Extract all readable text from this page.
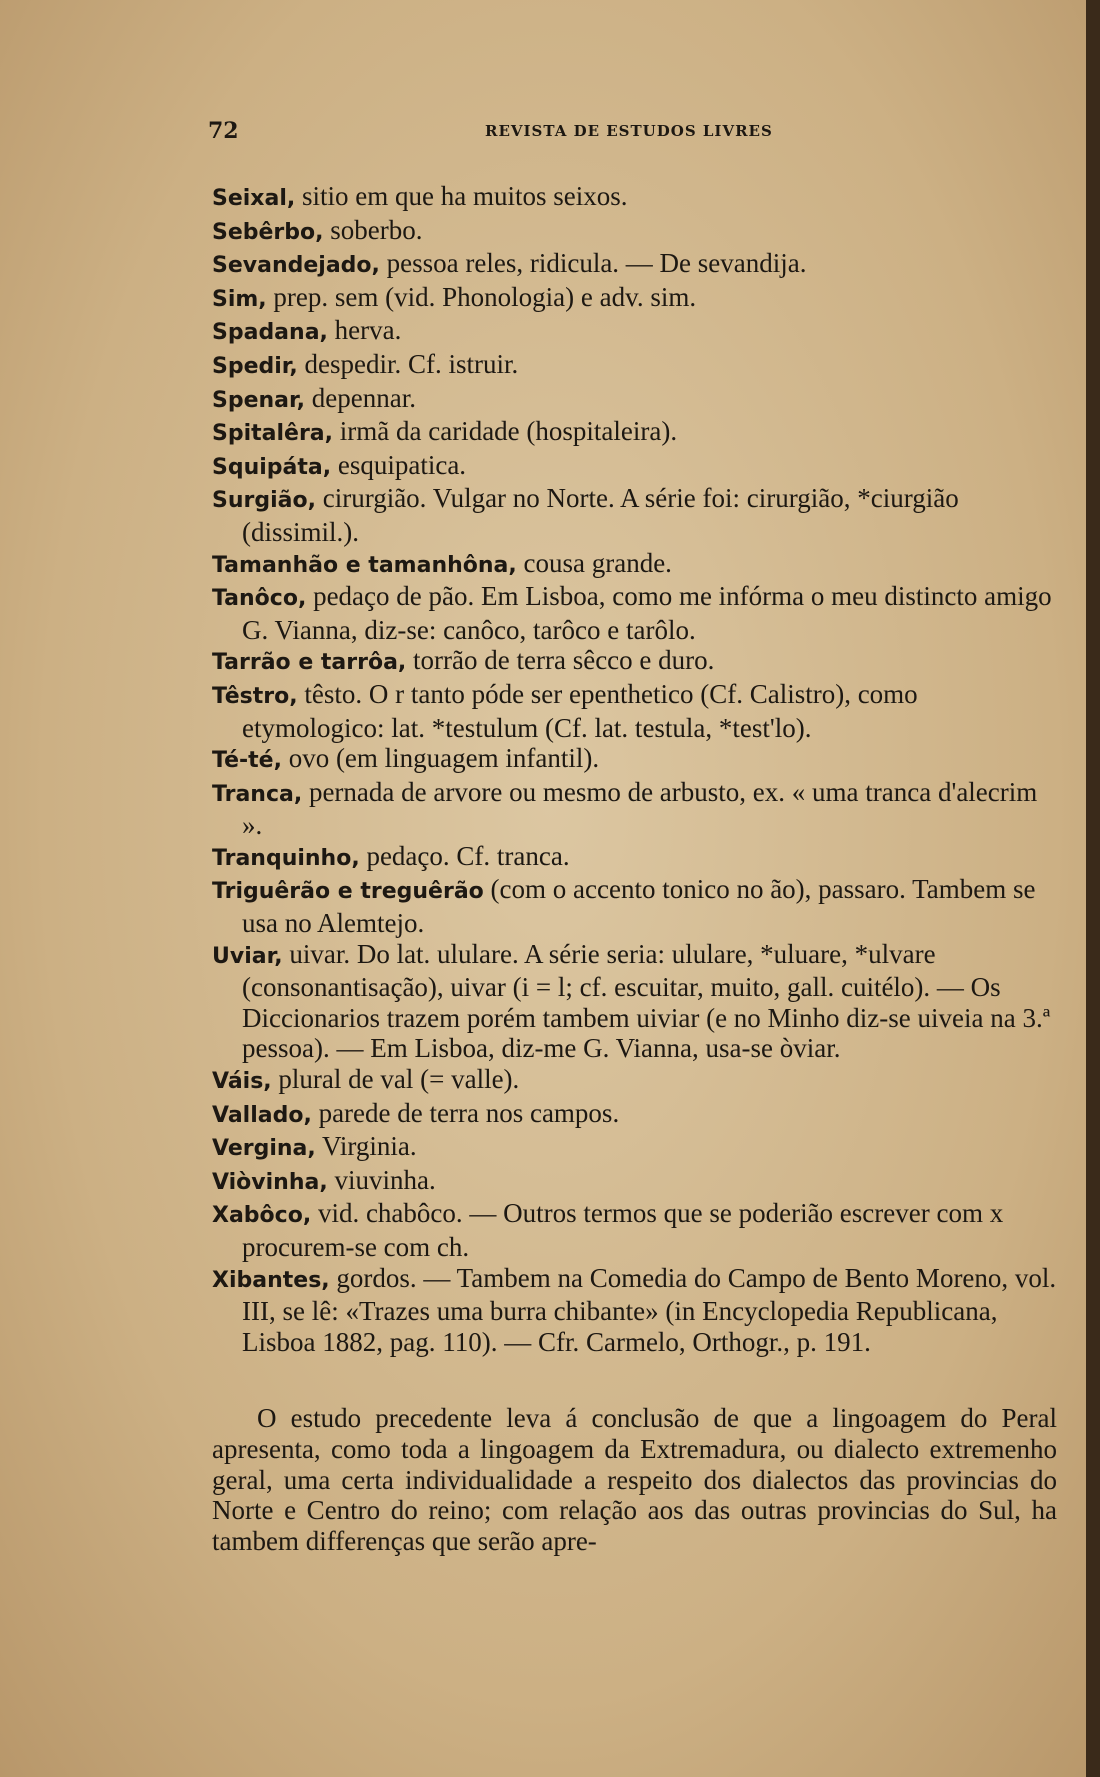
72	REVISTA DE ESTUDOS LIVRES

Seixal, sitio em que ha muitos seixos.

Sebêrbo, soberbo.

Sevandejado, pessoa reles, ridicula. — De sevandija.

Sim, prep. sem (vid. Phonologia) e adv. sim.

Spadana, herva.

Spedir, despedir. Cf. istruir.

Spenar, depennar.

Spitalêra, irmã da caridade (hospitaleira).

Squipáta, esquipatica.

Surgião, cirurgião. Vulgar no Norte. A série foi: cirurgião, *ciurgião (dissimil.).

Tamanhão e tamanhôna, cousa grande.

Tanôco, pedaço de pão. Em Lisboa, como me infórma o meu distincto amigo G. Vianna, diz-se: canôco, tarôco e tarôlo.

Tarrão e tarrôa, torrão de terra sêcco e duro.

Têstro, têsto. O r tanto póde ser epenthetico (Cf. Calistro), como etymologico: lat. *testulum (Cf. lat. testula, *test'lo).

Té-té, ovo (em linguagem infantil).

Tranca, pernada de arvore ou mesmo de arbusto, ex. « uma tranca d'alecrim ».

Tranquinho, pedaço. Cf. tranca.

Triguêrão e treguêrão (com o accento tonico no ão), passaro. Tambem se usa no Alemtejo.

Uviar, uivar. Do lat. ululare. A série seria: ululare, *uluare, *ulvare (consonantisação), uivar (i = l; cf. escuitar, muito, gall. cuitélo). — Os Diccionarios trazem porém tambem uiviar (e no Minho diz-se uiveia na 3.ª pessoa). — Em Lisboa, diz-me G. Vianna, usa-se òviar.

Váis, plural de val (= valle).

Vallado, parede de terra nos campos.

Vergina, Virginia.

Viòvinha, viuvinha.

Xabôco, vid. chabôco. — Outros termos que se poderião escrever com x procurem-se com ch.

Xibantes, gordos. — Tambem na Comedia do Campo de Bento Moreno, vol. III, se lê: «Trazes uma burra chibante» (in Encyclopedia Republicana, Lisboa 1882, pag. 110). — Cfr. Carmelo, Orthogr., p. 191.

O estudo precedente leva á conclusão de que a lingoagem do Peral apresenta, como toda a lingoagem da Extremadura, ou dialecto extremenho geral, uma certa individualidade a respeito dos dialectos das provincias do Norte e Centro do reino; com relação aos das outras provincias do Sul, ha tambem differenças que serão apre-
